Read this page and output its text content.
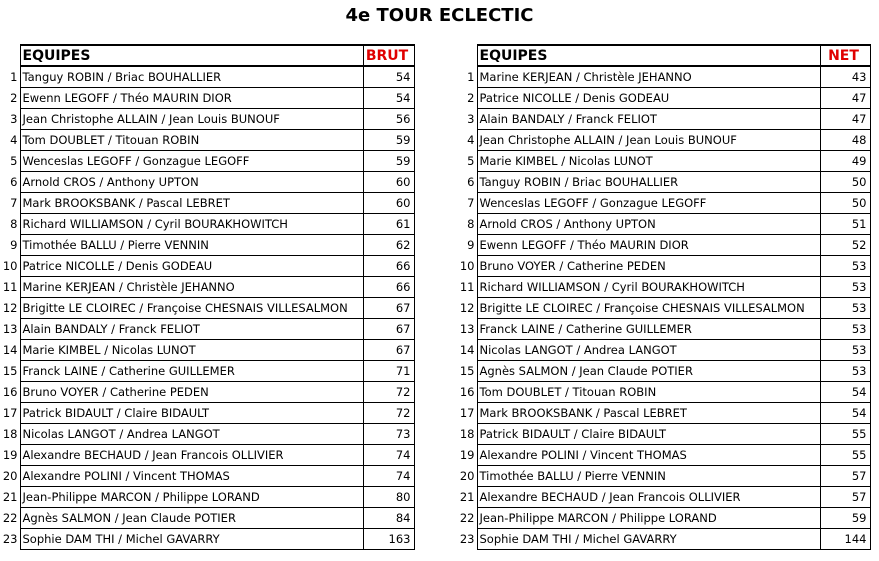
4e TOUR ECLECTIC
	EQUIPES	BRUT
1	Tanguy ROBIN / Briac BOUHALLIER	54
2	Ewenn LEGOFF / Théo MAURIN DIOR	54
3	Jean Christophe ALLAIN / Jean Louis BUNOUF	56
4	Tom DOUBLET / Titouan ROBIN	59
5	Wenceslas LEGOFF / Gonzague LEGOFF	59
6	Arnold CROS / Anthony UPTON	60
7	Mark BROOKSBANK / Pascal LEBRET	60
8	Richard WILLIAMSON / Cyril BOURAKHOWITCH	61
9	Timothée BALLU / Pierre VENNIN	62
10	Patrice NICOLLE / Denis GODEAU	66
11	Marine KERJEAN / Christèle JEHANNO	66
12	Brigitte LE CLOIREC / Françoise CHESNAIS VILLESALMON	67
13	Alain BANDALY / Franck FELIOT	67
14	Marie KIMBEL / Nicolas LUNOT	67
15	Franck LAINE / Catherine GUILLEMER	71
16	Bruno VOYER / Catherine PEDEN	72
17	Patrick BIDAULT / Claire BIDAULT	72
18	Nicolas LANGOT / Andrea LANGOT	73
19	Alexandre BECHAUD / Jean Francois OLLIVIER	74
20	Alexandre POLINI / Vincent THOMAS	74
21	Jean-Philippe MARCON / Philippe LORAND	80
22	Agnès SALMON / Jean Claude POTIER	84
23	Sophie DAM THI / Michel GAVARRY	163
	EQUIPES	NET
1	Marine KERJEAN / Christèle JEHANNO	43
2	Patrice NICOLLE / Denis GODEAU	47
3	Alain BANDALY / Franck FELIOT	47
4	Jean Christophe ALLAIN / Jean Louis BUNOUF	48
5	Marie KIMBEL / Nicolas LUNOT	49
6	Tanguy ROBIN / Briac BOUHALLIER	50
7	Wenceslas LEGOFF / Gonzague LEGOFF	50
8	Arnold CROS / Anthony UPTON	51
9	Ewenn LEGOFF / Théo MAURIN DIOR	52
10	Bruno VOYER / Catherine PEDEN	53
11	Richard WILLIAMSON / Cyril BOURAKHOWITCH	53
12	Brigitte LE CLOIREC / Françoise CHESNAIS VILLESALMON	53
13	Franck LAINE / Catherine GUILLEMER	53
14	Nicolas LANGOT / Andrea LANGOT	53
15	Agnès SALMON / Jean Claude POTIER	53
16	Tom DOUBLET / Titouan ROBIN	54
17	Mark BROOKSBANK / Pascal LEBRET	54
18	Patrick BIDAULT / Claire BIDAULT	55
19	Alexandre POLINI / Vincent THOMAS	55
20	Timothée BALLU / Pierre VENNIN	57
21	Alexandre BECHAUD / Jean Francois OLLIVIER	57
22	Jean-Philippe MARCON / Philippe LORAND	59
23	Sophie DAM THI / Michel GAVARRY	144
